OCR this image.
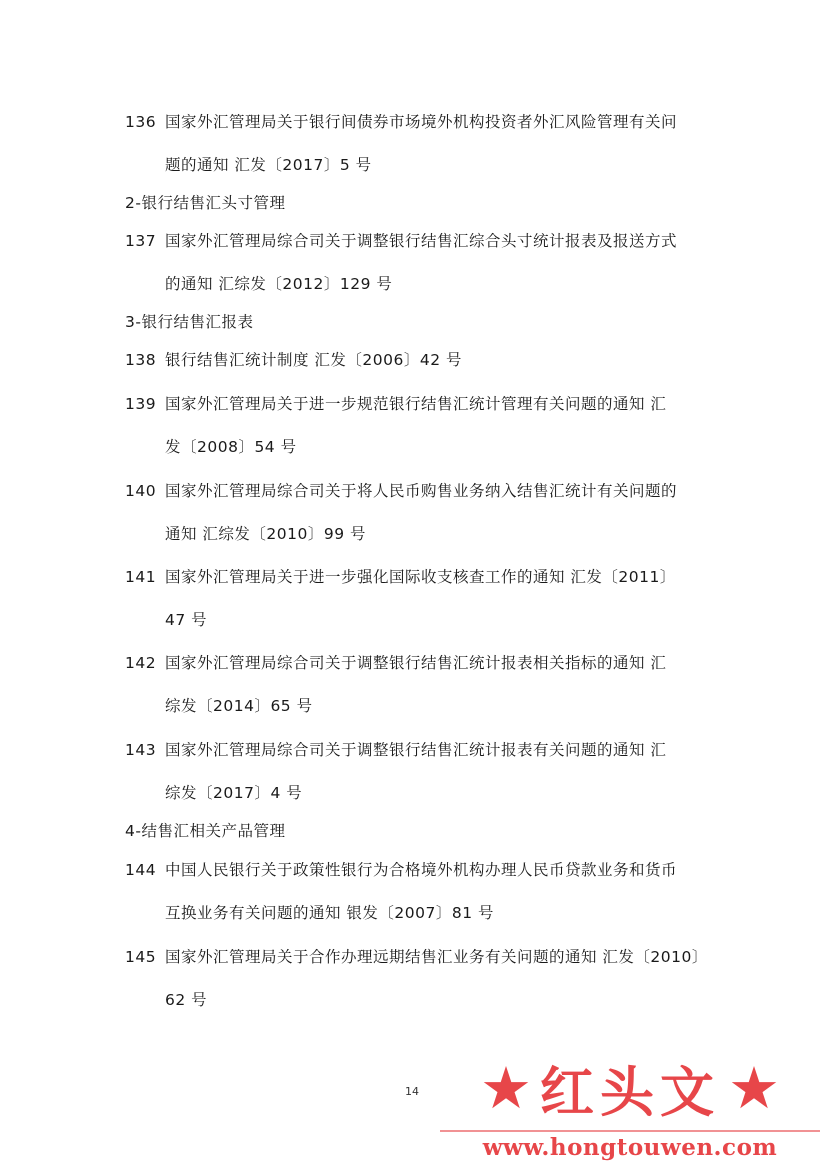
136 国家外汇管理局关于银行间债券市场境外机构投资者外汇风险管理有关问
题的通知 汇发〔2017〕5 号
2-银行结售汇头寸管理
137 国家外汇管理局综合司关于调整银行结售汇综合头寸统计报表及报送方式
的通知 汇综发〔2012〕129 号
3-银行结售汇报表
138 银行结售汇统计制度 汇发〔2006〕42 号
139 国家外汇管理局关于进一步规范银行结售汇统计管理有关问题的通知 汇
发〔2008〕54 号
140 国家外汇管理局综合司关于将人民币购售业务纳入结售汇统计有关问题的
通知 汇综发〔2010〕99 号
141 国家外汇管理局关于进一步强化国际收支核查工作的通知 汇发〔2011〕
47 号
142 国家外汇管理局综合司关于调整银行结售汇统计报表相关指标的通知 汇
综发〔2014〕65 号
143 国家外汇管理局综合司关于调整银行结售汇统计报表有关问题的通知 汇
综发〔2017〕4 号
4-结售汇相关产品管理
144 中国人民银行关于政策性银行为合格境外机构办理人民币贷款业务和货币
互换业务有关问题的通知 银发〔2007〕81 号
145 国家外汇管理局关于合作办理远期结售汇业务有关问题的通知 汇发〔2010〕
62 号
14 ★ 红头文 ★
www.hongtouwen.com
